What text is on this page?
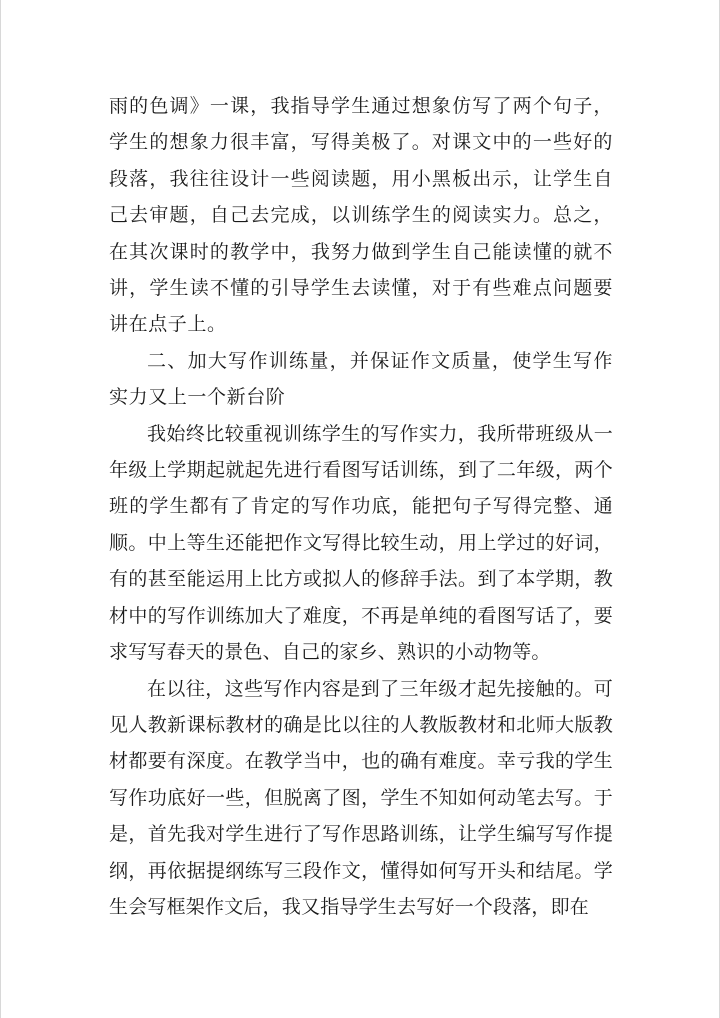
雨的色调》一课，我指导学生通过想象仿写了两个句子，学生的想象力很丰富，写得美极了。对课文中的一些好的段落，我往往设计一些阅读题，用小黑板出示，让学生自己去审题，自己去完成，以训练学生的阅读实力。总之，在其次课时的教学中，我努力做到学生自己能读懂的就不讲，学生读不懂的引导学生去读懂，对于有些难点问题要讲在点子上。

二、加大写作训练量，并保证作文质量，使学生写作实力又上一个新台阶

我始终比较重视训练学生的写作实力，我所带班级从一年级上学期起就起先进行看图写话训练，到了二年级，两个班的学生都有了肯定的写作功底，能把句子写得完整、通顺。中上等生还能把作文写得比较生动，用上学过的好词，有的甚至能运用上比方或拟人的修辞手法。到了本学期，教材中的写作训练加大了难度，不再是单纯的看图写话了，要求写写春天的景色、自己的家乡、熟识的小动物等。

在以往，这些写作内容是到了三年级才起先接触的。可见人教新课标教材的确是比以往的人教版教材和北师大版教材都要有深度。在教学当中，也的确有难度。幸亏我的学生写作功底好一些，但脱离了图，学生不知如何动笔去写。于是，首先我对学生进行了写作思路训练，让学生编写写作提纲，再依据提纲练写三段作文，懂得如何写开头和结尾。学生会写框架作文后，我又指导学生去写好一个段落，即在
